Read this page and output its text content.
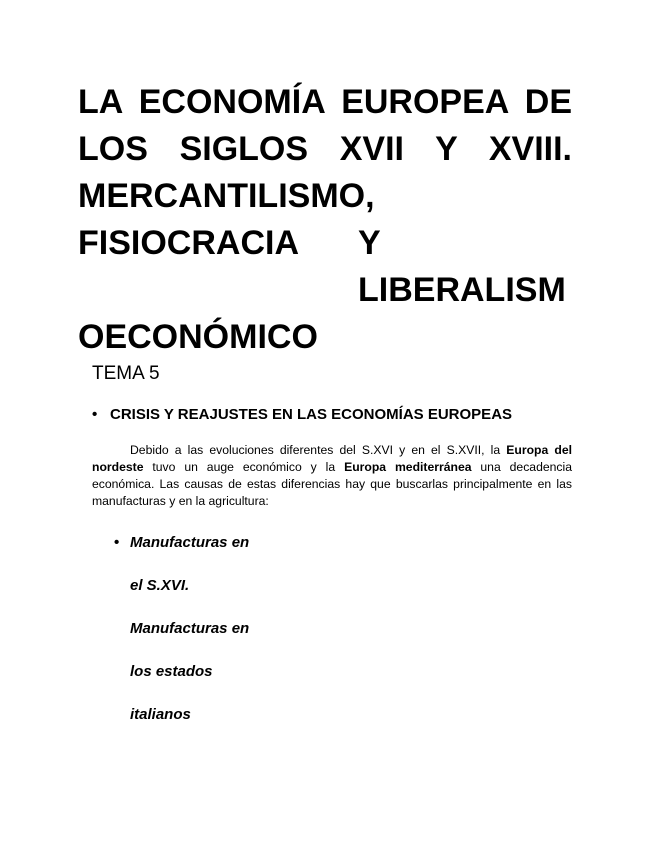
LA ECONOMÍA EUROPEA DE
LOS SIGLOS XVII Y XVIII.
MERCANTILISMO,
FISIOCRACIA Y
LIBERALISM
OECONÓMICO
TEMA 5
• CRISIS Y REAJUSTES EN LAS ECONOMÍAS EUROPEAS
Debido a las evoluciones diferentes del S.XVI y en el S.XVII, la Europa del nordeste tuvo un auge económico y la Europa mediterránea una decadencia económica. Las causas de estas diferencias hay que buscarlas principalmente en las manufacturas y en la agricultura:
• Manufacturas en
el S.XVI.
Manufacturas en
los estados
italianos
